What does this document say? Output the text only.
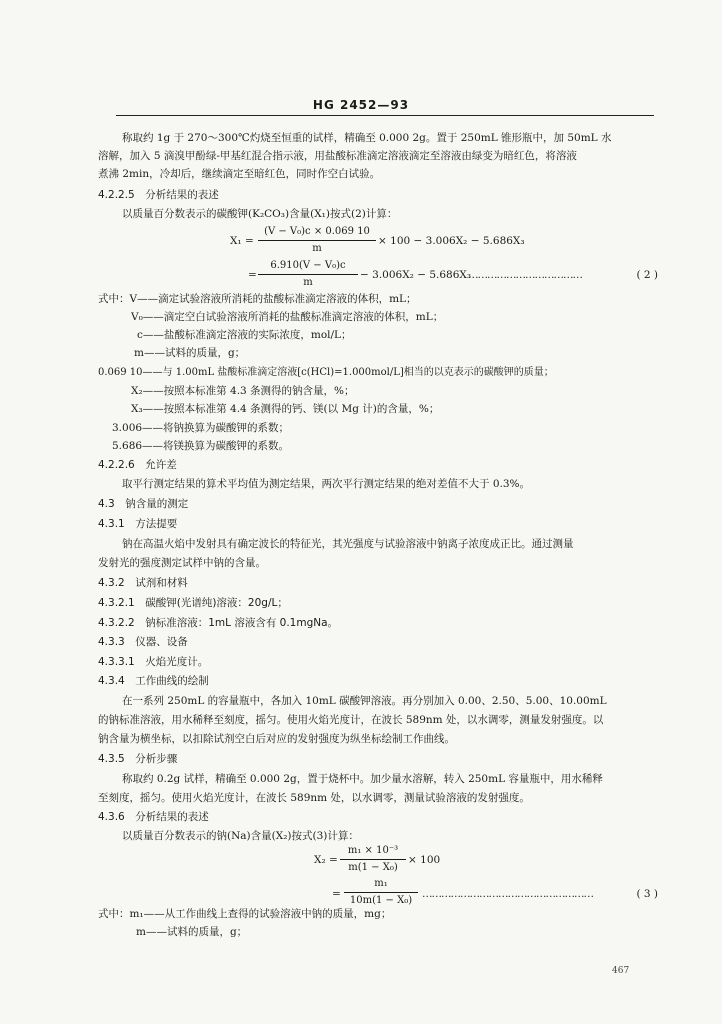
HG 2452—93
称取约 1g 于 270～300℃灼烧至恒重的试样，精确至 0.000 2g。置于 250mL 锥形瓶中，加 50mL 水
溶解，加入 5 滴溴甲酚绿-甲基红混合指示液，用盐酸标准滴定溶液滴定至溶液由绿变为暗红色，将溶液
煮沸 2min，冷却后，继续滴定至暗红色，同时作空白试验。
4.2.2.5　分析结果的表述
以质量百分数表示的碳酸钾(K₂CO₃)含量(X₁)按式(2)计算：
X₁ =
(V − V₀)c × 0.069 10
m
× 100 − 3.006X₂ − 5.686X₃
=
6.910(V − V₀)c
m
− 3.006X₂ − 5.686X₃
………………………………	( 2 )
式中：V——滴定试验溶液所消耗的盐酸标准滴定溶液的体积，mL；
V₀——滴定空白试验溶液所消耗的盐酸标准滴定溶液的体积，mL；
c——盐酸标准滴定溶液的实际浓度，mol/L；
m——试料的质量，g；
0.069 10——与 1.00mL 盐酸标准滴定溶液[c(HCl)=1.000mol/L]相当的以克表示的碳酸钾的质量；
X₂——按照本标准第 4.3 条测得的钠含量，%；
X₃——按照本标准第 4.4 条测得的钙、镁(以 Mg 计)的含量，%；
3.006——将钠换算为碳酸钾的系数；
5.686——将镁换算为碳酸钾的系数。
4.2.2.6　允许差
取平行测定结果的算术平均值为测定结果，两次平行测定结果的绝对差值不大于 0.3%。
4.3　钠含量的测定
4.3.1　方法提要
钠在高温火焰中发射具有确定波长的特征光，其光强度与试验溶液中钠离子浓度成正比。通过测量
发射光的强度测定试样中钠的含量。
4.3.2　试剂和材料
4.3.2.1　碳酸钾(光谱纯)溶液：20g/L；
4.3.2.2　钠标准溶液：1mL 溶液含有 0.1mgNa。
4.3.3　仪器、设备
4.3.3.1　火焰光度计。
4.3.4　工作曲线的绘制
在一系列 250mL 的容量瓶中，各加入 10mL 碳酸钾溶液。再分别加入 0.00、2.50、5.00、10.00mL
的钠标准溶液，用水稀释至刻度，摇匀。使用火焰光度计，在波长 589nm 处，以水调零，测量发射强度。以
钠含量为横坐标，以扣除试剂空白后对应的发射强度为纵坐标绘制工作曲线。
4.3.5　分析步骤
称取约 0.2g 试样，精确至 0.000 2g，置于烧杯中。加少量水溶解，转入 250mL 容量瓶中，用水稀释
至刻度，摇匀。使用火焰光度计，在波长 589nm 处，以水调零，测量试验溶液的发射强度。
4.3.6　分析结果的表述
以质量百分数表示的钠(Na)含量(X₂)按式(3)计算：
X₂ =
m₁ × 10⁻³
m(1 − X₀)
× 100
=
m₁
10m(1 − X₀)
………………………………………………	( 3 )
式中：m₁——从工作曲线上查得的试验溶液中钠的质量，mg；
m——试料的质量，g；
467
